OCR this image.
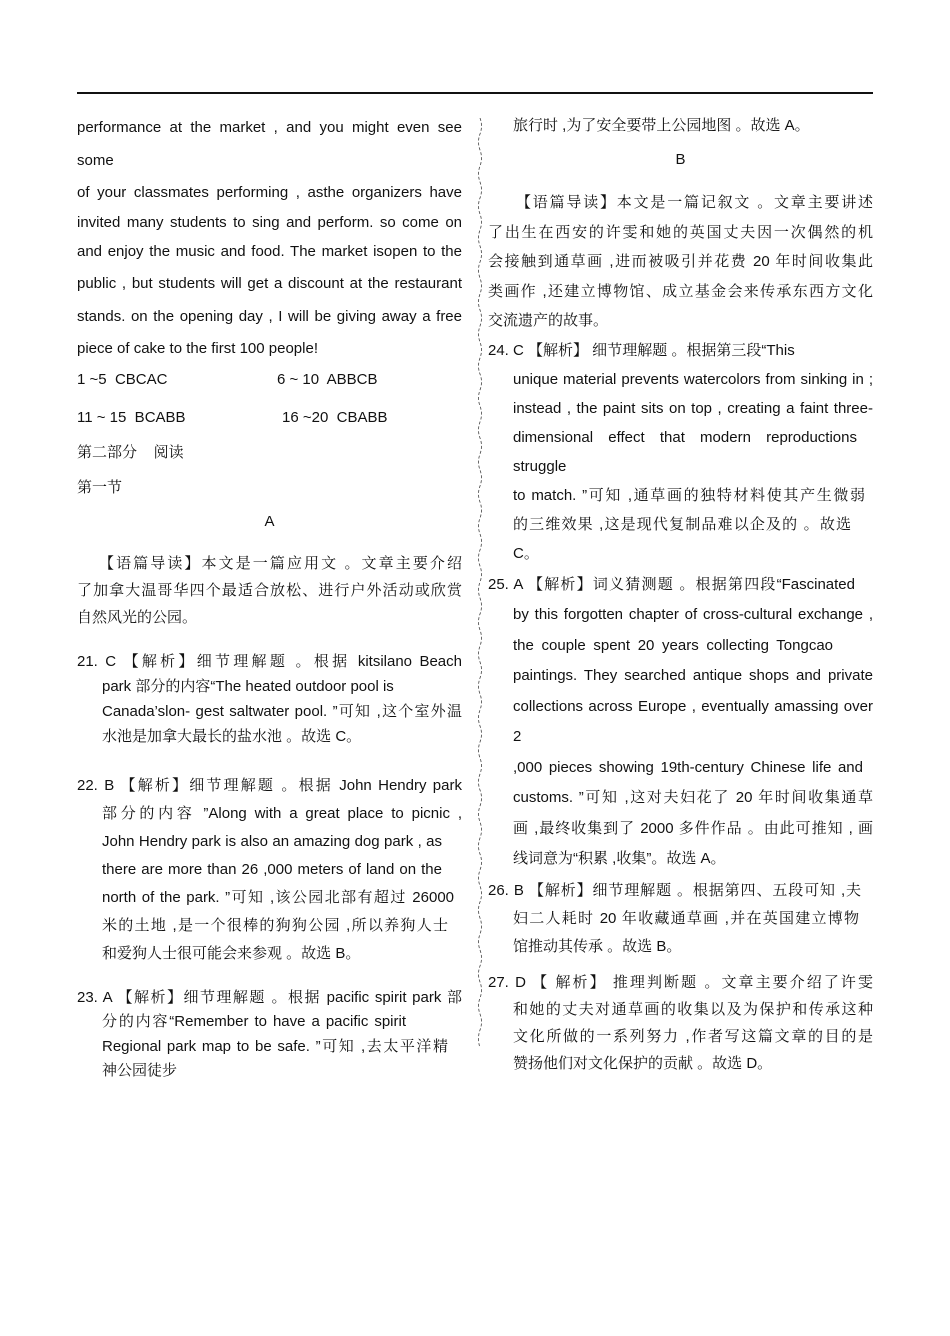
performance at the market , and you might even see some
of your classmates performing , asthe organizers have
invited many students to sing and perform. so come on
and enjoy the music and food. The market isopen to the
public , but students will get a discount at the restaurant
stands. on the opening day , I will be giving away a free
piece of cake to the first 100 people!
1 ~5  CBCAC	6 ~ 10  ABBCB
11 ~ 15  BCABB	16 ~20  CBABB

第二部分    阅读

第一节

A

【语篇导读】本文是一篇应用文 。文章主要介绍
了加拿大温哥华四个最适合放松、进行户外活动或欣赏
自然风光的公园。
21. C 【解析】细节理解题 。根据 kitsilano Beach
park 部分的内容“The heated outdoor pool is
Canada’slon- gest saltwater pool. ”可知 ,这个室外温
水池是加拿大最长的盐水池 。故选 C。
22. B 【解析】细节理解题 。根据 John Hendry park
部分的内容 ”Along with a great place to picnic ,
John Hendry park is also an amazing dog park , as
there are more than 26 ,000 meters of land on the
north of the park. ”可知 ,该公园北部有超过 26000
米的土地 ,是一个很棒的狗狗公园 ,所以养狗人士
和爱狗人士很可能会来参观 。故选 B。
23. A 【解析】细节理解题 。根据 pacific spirit park 部
分的内容“Remember to have a pacific spirit
Regional park map to be safe. ”可知 ,去太平洋精
神公园徒步

旅行时 ,为了安全要带上公园地图 。故选 A。

B

【语篇导读】本文是一篇记叙文 。文章主要讲述
了出生在西安的许雯和她的英国丈夫因一次偶然的机
会接触到通草画 ,进而被吸引并花费 20 年时间收集此
类画作 ,还建立博物馆、成立基金会来传承东西方文化
交流遗产的故事。
24. C 【解析】 细节理解题 。根据第三段“This
unique material prevents watercolors from sinking in ;
instead , the paint sits on top , creating a faint three-
dimensional effect that modern reproductions struggle
to match. ”可知 ,通草画的独特材料使其产生微弱
的三维效果 ,这是现代复制品难以企及的 。故选
C。
25. A 【解析】词义猜测题 。根据第四段“Fascinated
by this forgotten chapter of cross-cultural exchange ,
the couple spent 20 years collecting Tongcao
paintings. They searched antique shops and private
collections across Europe , eventually amassing over 2
,000 pieces showing 19th-century Chinese life and
customs. ”可知 ,这对夫妇花了 20 年时间收集通草
画 ,最终收集到了 2000 多件作品 。由此可推知 , 画
线词意为“积累 ,收集”。故选 A。
26. B 【解析】细节理解题 。根据第四、五段可知 ,夫
妇二人耗时 20 年收藏通草画 ,并在英国建立博物
馆推动其传承 。故选 B。
27. D 【 解析】 推理判断题 。文章主要介绍了许雯
和她的丈夫对通草画的收集以及为保护和传承这种
文化所做的一系列努力 ,作者写这篇文章的目的是
赞扬他们对文化保护的贡献 。故选 D。
